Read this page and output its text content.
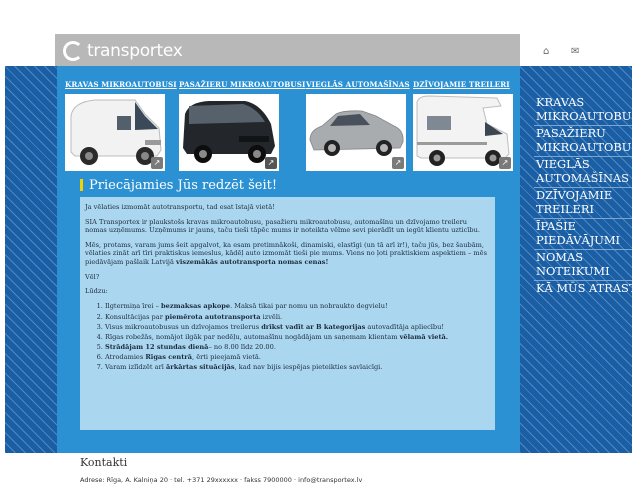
transportex	⌂ ✉
KRAVAS MIKROAUTOBUSI
↗
PASAŽIERU MIKROAUTOBUSI
↗
VIEGLĀS AUTOMAŠĪNAS
↗
DZĪVOJAMIE TREILERI
↗
Priecājamies Jūs redzēt šeit!

Ja vēlaties izmomāt autotransportu, tad esat īstajā vietā!

SIA Transportex ir plaukstošs kravas mikroautobusu, pasažieru mikroautobusu, automašīnu un dzīvojamo treileru nomas uzņēmums. Uzņēmums ir jauns, taču tieši tāpēc mums ir noteikta vēlme sevi pierādīt un iegūt klientu uzticību.

Mēs, protams, varam jums šeit apgalvot, ka esam pretimnākoši, dinamiski, elastīgi (un tā arī ir!), taču jūs, bez šaubām, vēlaties zināt arī tīri praktiskus iemeslus, kādēļ auto izmomāt tieši pie mums. Viens no ļoti praktiskiem aspektiem – mēs piedāvājam pašlaik Latvijā viszemākās autotransporta nomas cenas!

Vēl?

Lūdzu:

1. Ilgtermiņa īrei – bezmaksas apkope. Maksā tikai par nomu un nobraukto degvielu!
2. Konsultācijas par piemērota autotransporta izvēli.
3. Visus mikroautobusus un dzīvojamos treilerus drīkst vadīt ar B kategorijas autovadītāja apliecību!
4. Rīgas robežās, nomājot ilgāk par nedēļu, automašīnu nogādājam un saņemam klientam vēlamā vietā.
5. Strādājam 12 stundas dienā– no 8.00 līdz 20.00.
6. Atrodamies Rīgas centrā, ērti pieejamā vietā.
7. Varam izlīdzēt arī ārkārtas situācijās, kad nav bijis iespējas pieteikties savlaicīgi.
KRAVAS
MIKROAUTOBUSI
PASAŽIERU
MIKROAUTOBUSI
VIEGLĀS
AUTOMAŠĪNAS
DZĪVOJAMIE
TREILERI
ĪPAŠIE
PIEDĀVĀJUMI
NOMAS
NOTEIKUMI
KĀ MŪS ATRAST
Kontakti
Adrese: Rīga, A. Kalniņa 20 · tel. +371 29xxxxxx · fakss 7900000 · info@transportex.lv
